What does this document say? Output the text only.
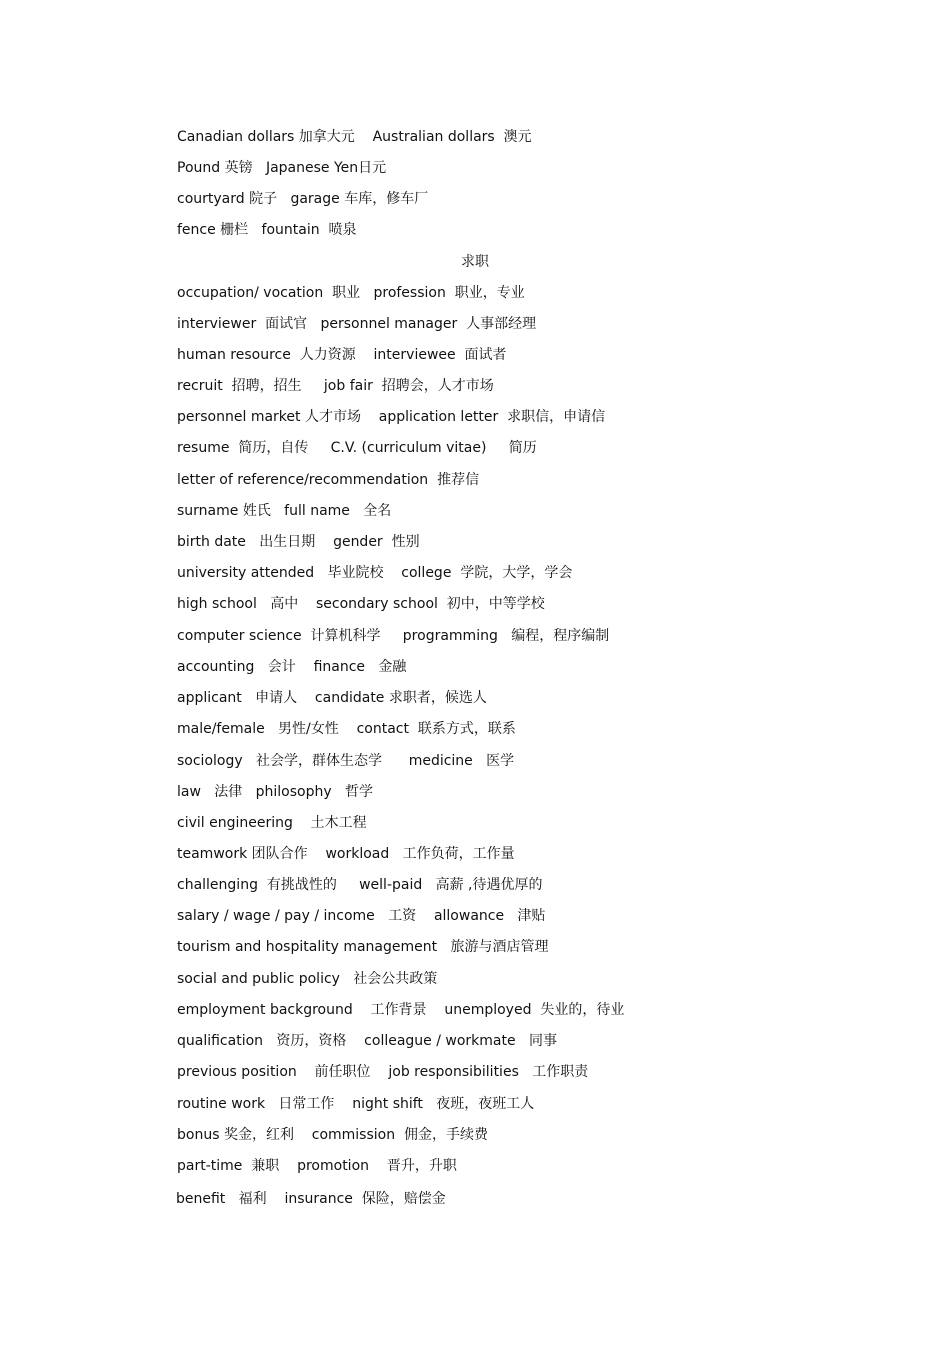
Canadian dollars 加拿大元    Australian dollars  澳元
Pound 英镑   Japanese Yen日元
courtyard 院子   garage 车库，修车厂
fence 栅栏   fountain  喷泉
求职
occupation/ vocation  职业   profession  职业，专业
interviewer  面试官   personnel manager  人事部经理
human resource  人力资源    interviewee  面试者
recruit  招聘，招生     job fair  招聘会，人才市场
personnel market 人才市场    application letter  求职信，申请信
resume  简历，自传     C.V. (curriculum vitae)     简历
letter of reference/recommendation  推荐信
surname 姓氏   full name   全名
birth date   出生日期    gender  性别
university attended   毕业院校    college  学院，大学，学会
high school   高中    secondary school  初中，中等学校
computer science  计算机科学     programming   编程，程序编制
accounting   会计    finance   金融
applicant   申请人    candidate 求职者，候选人
male/female   男性/女性    contact  联系方式，联系
sociology   社会学，群体生态学      medicine   医学
law   法律   philosophy   哲学
civil engineering    土木工程
teamwork 团队合作    workload   工作负荷，工作量
challenging  有挑战性的     well-paid   高薪 ,待遇优厚的
salary / wage / pay / income   工资    allowance   津贴
tourism and hospitality management   旅游与酒店管理
social and public policy   社会公共政策
employment background    工作背景    unemployed  失业的，待业
qualification   资历，资格    colleague / workmate   同事
previous position    前任职位    job responsibilities   工作职责
routine work   日常工作    night shift   夜班，夜班工人
bonus 奖金，红利    commission  佣金，手续费
part-time  兼职    promotion    晋升，升职
benefit   福利    insurance  保险，赔偿金
